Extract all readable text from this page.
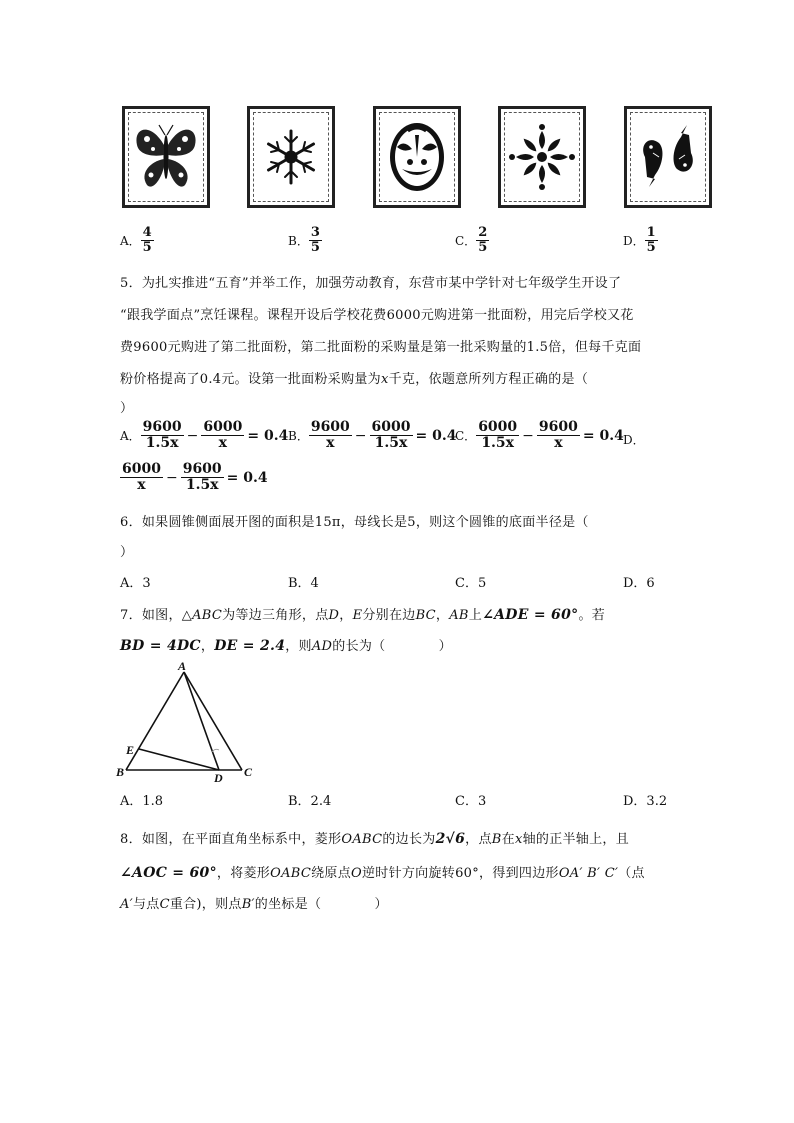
A． $\frac{4}{5}$	B． $\frac{3}{5}$	C． $\frac{2}{5}$	D． $\frac{1}{5}$
5．为扎实推进“五育”并举工作，加强劳动教育，东营市某中学针对七年级学生开设了
“跟我学面点”烹饪课程。课程开设后学校花费6000元购进第一批面粉，用完后学校又花
费9600元购进了第二批面粉，第二批面粉的采购量是第一批采购量的1.5倍，但每千克面
粉价格提高了0.4元。设第一批面粉采购量为x千克，依题意所列方程正确的是（
）
A． $\frac{9600}{1.5x} - \frac{6000}{x} = 0.4$ B． $\frac{9600}{x} - \frac{6000}{1.5x} = 0.4$
C． $\frac{6000}{1.5x} - \frac{9600}{x} = 0.4$ D．
$\frac{6000}{x} - \frac{9600}{1.5x} = 0.4$
6．如果圆锥侧面展开图的面积是15π，母线长是5，则这个圆锥的底面半径是（
）
A．3	B．4	C．5	D．6
7．如图，△ABC为等边三角形，点D，E分别在边BC，AB上∠ADE = 60°。若
BD = 4DC，DE = 2.4，则AD的长为（　　　　）
A
B	C
D
E
A．1.8	B．2.4	C．3	D．3.2
8．如图，在平面直角坐标系中，菱形OABC的边长为2√6，点B在x轴的正半轴上，且
∠AOC = 60°，将菱形OABC绕原点O逆时针方向旋转60°，得到四边形OA′ B′ C′（点
A′与点C重合)，则点B′的坐标是（　　　　）
